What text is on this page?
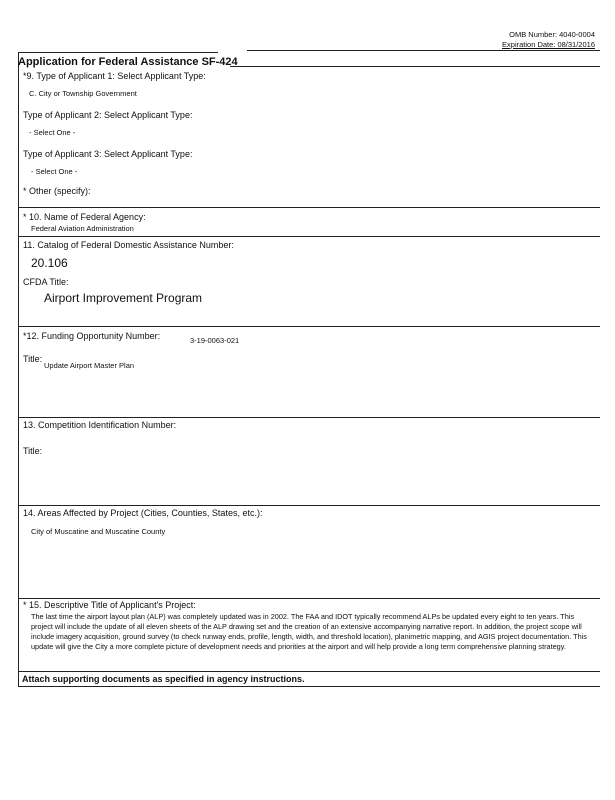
OMB Number: 4040-0004
Expiration Date: 08/31/2016
Application for Federal Assistance SF-424
*9. Type of Applicant 1: Select Applicant Type:
C. City or Township Government
Type of Applicant 2: Select Applicant Type:
- Select One -
Type of Applicant 3: Select Applicant Type:
- Select One -
* Other (specify):
* 10. Name of Federal Agency:
Federal Aviation Administration
11. Catalog of Federal Domestic Assistance Number:
20.106
CFDA Title:
Airport Improvement Program
*12. Funding Opportunity Number:	3-19-0063-021
Title:
Update Airport Master Plan
13. Competition Identification Number:
Title:
14. Areas Affected by Project (Cities, Counties, States, etc.):
City of Muscatine and Muscatine County
* 15. Descriptive Title of Applicant's Project:
The last time the airport layout plan (ALP) was completely updated was in 2002. The FAA and IDOT typically recommend ALPs be updated every eight to ten years. This project will include the update of all eleven sheets of the ALP drawing set and the creation of an extensive accompanying narrative report. In addition, the project scope will include imagery acquisition, ground survey (to check runway ends, profile, length, width, and threshold location), planimetric mapping, and AGIS project documentation. This update will give the City a more complete picture of development needs and priorities at the airport and will help provide a long term comprehensive planning strategy.
Attach supporting documents as specified in agency instructions.
